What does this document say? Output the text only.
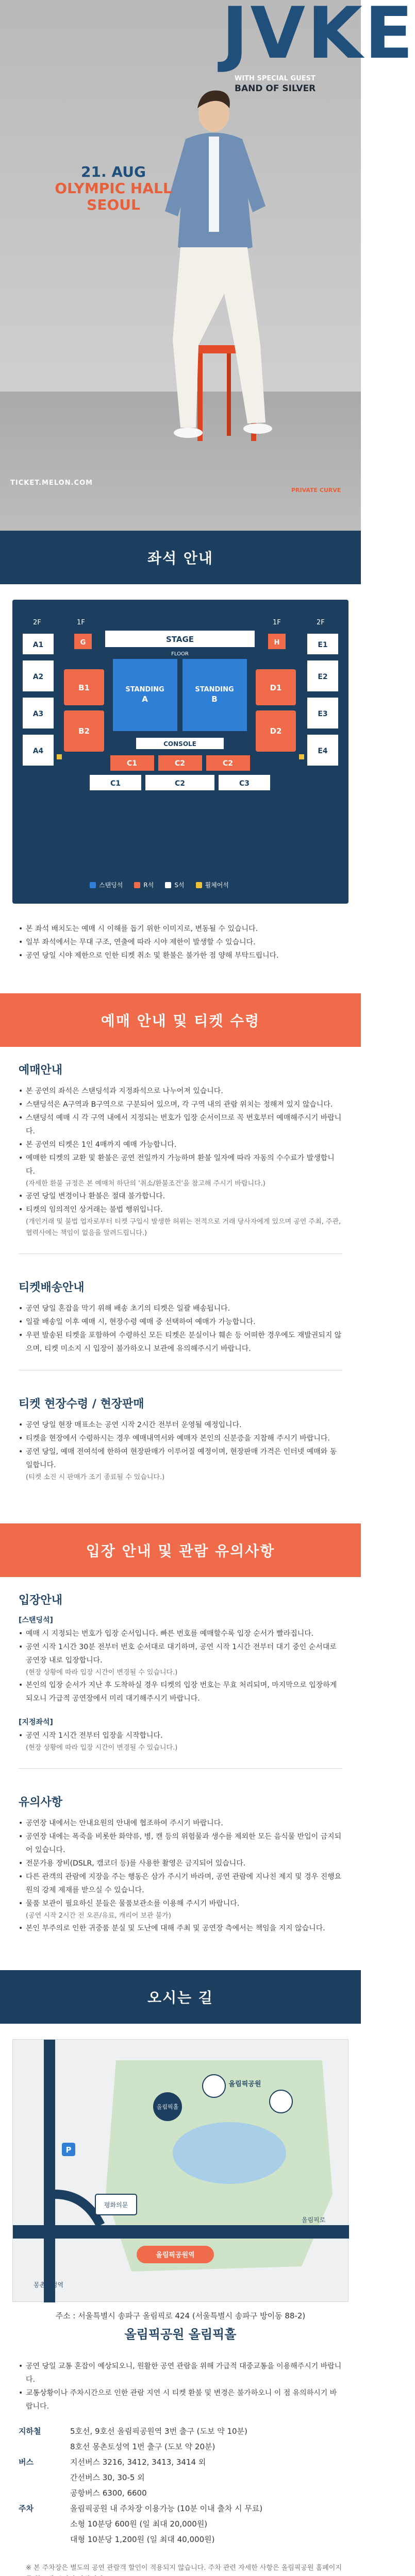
JVKE
WITH SPECIAL GUEST
BAND OF SILVER
21. AUG
OLYMPIC HALL
SEOUL
TICKET.MELON.COM
PRIVATE CURVE
좌석 안내
2F	1F	1F	2F
STAGE
FLOOR
STANDING
A
STANDING
B
CONSOLE
B1
B2
D1
D2
G	H
C1	C2	C2
C1	C2	C3
A1
A2
A3
A4
E1
E2
E3
E4
스탠딩석	R석	S석	휠체어석
• 본 좌석 배치도는 예매 시 이해를 돕기 위한 이미지로, 변동될 수 있습니다.
• 일부 좌석에서는 무대 구조, 연출에 따라 시야 제한이 발생할 수 있습니다.
• 공연 당일 시야 제한으로 인한 티켓 취소 및 환불은 불가한 점 양해 부탁드립니다.
예매 안내 및 티켓 수령
예매안내
• 본 공연의 좌석은 스탠딩석과 지정좌석으로 나누어져 있습니다.
• 스탠딩석은 A구역과 B구역으로 구분되어 있으며, 각 구역 내의 관람 위치는 정해져 있지 않습니다.
• 스탠딩석 예매 시 각 구역 내에서 지정되는 번호가 입장 순서이므로 꼭 번호부터 예매해주시기 바랍니다.
• 본 공연의 티켓은 1인 4매까지 예매 가능합니다.
• 예매한 티켓의 교환 및 환불은 공연 전일까지 가능하며 환불 일자에 따라 자동의 수수료가 발생합니다.
(자세한 환불 규정은 본 예매처 하단의 '취소/환불조건'을 참고해 주시기 바랍니다.)
• 공연 당일 변경이나 환불은 절대 불가합니다.
• 티켓의 임의적인 상거래는 불법 행위입니다.
(개인거래 및 불법 업자로부터 티켓 구입시 발생한 허위는 전적으로 거래 당사자에게 있으며 공연 주최, 주관, 협력사에는 책임이 없음을 알려드립니다.)
티켓배송안내
• 공연 당일 혼잡을 막기 위해 배송 초기의 티켓은 일괄 배송됩니다.
• 일괄 배송일 이후 예매 시, 현장수령 예매 중 선택하여 예매가 가능합니다.
• 우편 발송된 티켓을 포함하여 수령하신 모든 티켓은 분실이나 훼손 등 어떠한 경우에도 재발권되지 않으며, 티켓 미소지 시 입장이 불가하오니 보관에 유의해주시기 바랍니다.
티켓 현장수령 / 현장판매
• 공연 당일 현장 매표소는 공연 시작 2시간 전부터 운영될 예정입니다.
• 티켓을 현장에서 수령하시는 경우 예매내역서와 예매자 본인의 신분증을 지참해 주시기 바랍니다.
• 공연 당일, 예매 전여석에 한하여 현장판매가 이루어질 예정이며, 현장판매 가격은 인터넷 예매와 동일합니다.
(티켓 소진 시 판매가 조기 종료될 수 있습니다.)
입장 안내 및 관람 유의사항
입장안내
[스탠딩석]
• 예매 시 지정되는 번호가 입장 순서입니다. 빠른 번호를 예매할수록 입장 순서가 빨라집니다.
• 공연 시작 1시간 30분 전부터 번호 순서대로 대기하며, 공연 시작 1시간 전부터 대기 중인 순서대로 공연장 내로 입장합니다.
(현장 상황에 따라 입장 시간이 변경될 수 있습니다.)
• 본인의 입장 순서가 지난 후 도착하실 경우 티켓의 입장 번호는 무효 처리되며, 마지막으로 입장하게 되오니 가급적 공연장에서 미리 대기해주시기 바랍니다.
[지정좌석]
• 공연 시작 1시간 전부터 입장을 시작합니다.
(현장 상황에 따라 입장 시간이 변경될 수 있습니다.)
유의사항
• 공연장 내에서는 안내요원의 안내에 협조하여 주시기 바랍니다.
• 공연장 내에는 폭죽을 비롯한 화약류, 병, 캔 등의 위험물과 생수를 제외한 모든 음식물 반입이 금지되어 있습니다.
• 전문가용 장비(DSLR, 캠코더 등)를 사용한 촬영은 금지되어 있습니다.
• 다른 관객의 관람에 지장을 주는 행동은 삼가 주시기 바라며, 공연 관람에 지나친 제지 및 경우 진행요원의 강제 제재를 받으실 수 있습니다.
• 물품 보관이 필요하신 분들은 물품보관소를 이용해 주시기 바랍니다.
(공연 시작 2시간 전 오픈/유료, 캐리어 보관 불가)
• 본인 부주의로 인한 귀중품 분실 및 도난에 대해 주최 및 공연장 측에서는 책임을 지지 않습니다.
오시는 길
올림픽홀
올림픽공원
평화의문
P
올림픽공원역
몽촌토성역
올림픽로
주소 : 서울특별시 송파구 올림픽로 424 (서울특별시 송파구 방이동 88-2)
올림픽공원 올림픽홀
• 공연 당일 교통 혼잡이 예상되오니, 원활한 공연 관람을 위해 가급적 대중교통을 이용해주시기 바랍니다.
• 교통상황이나 주차시간으로 인한 관람 지연 시 티켓 환불 및 변경은 불가하오니 이 점 유의하시기 바랍니다.
지하철	5호선, 9호선 올림픽공원역 3번 출구 (도보 약 10분)
8호선 몽촌토성역 1번 출구 (도보 약 20분)
버스	지선버스 3216, 3412, 3413, 3414 외
간선버스 30, 30-5 외
공항버스 6300, 6600
주차	올림픽공원 내 주차장 이용가능 (10분 이내 출차 시 무료)
소형 10분당 600원 (일 최대 20,000원)
대형 10분당 1,200원 (일 최대 40,000원)
※ 본 주차장은 별도의 공연 관람객 할인이 적용되지 않습니다. 주차 관련 자세한 사항은 올림픽공원 홈페이지
